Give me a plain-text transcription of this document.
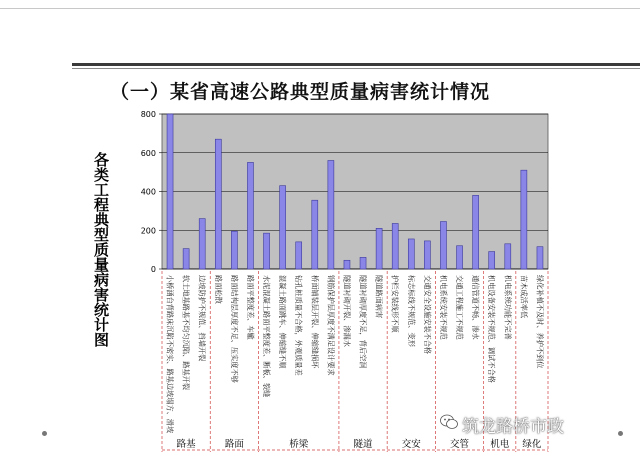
（一）某省高速公路典型质量病害统计情况
各类工程典型质量病害统计图	0
200
400
600
800
小桥涵台背路床沉陷不密实、路基边坡塌方、滑坡 软土地基路基不均匀沉陷、路基开裂 边坡防护不规范、挡墙开裂 路面松散 路面结构层厚度不足、压实度不够 路面平整度差、车辙 水泥混凝土路面平整度差、断板、裂缝 混凝土路面跳车、伸缩缝不顺 钻孔桩质量不合格，外观质量差 桥面铺装层开裂、伸缩缝损坏 钢筋保护层厚度不满足设计要求 隧道衬砌开裂、渗漏水 隧道衬砌厚度不足，背后空洞 隧道路面病害 护栏安装线形不顺 标志标线不规范、变形 交通安全设施安装不合格 机电系统安装不规范 交通工程施工不规范 通信管道不畅、渗水 机电设备安装不规范、调试不合格 机电系统功能不完善 苗木成活率低 绿化补植不及时、养护不到位
路基	路面	桥梁	隧道	交安	交管 机电 绿化
筑龙路桥市政
